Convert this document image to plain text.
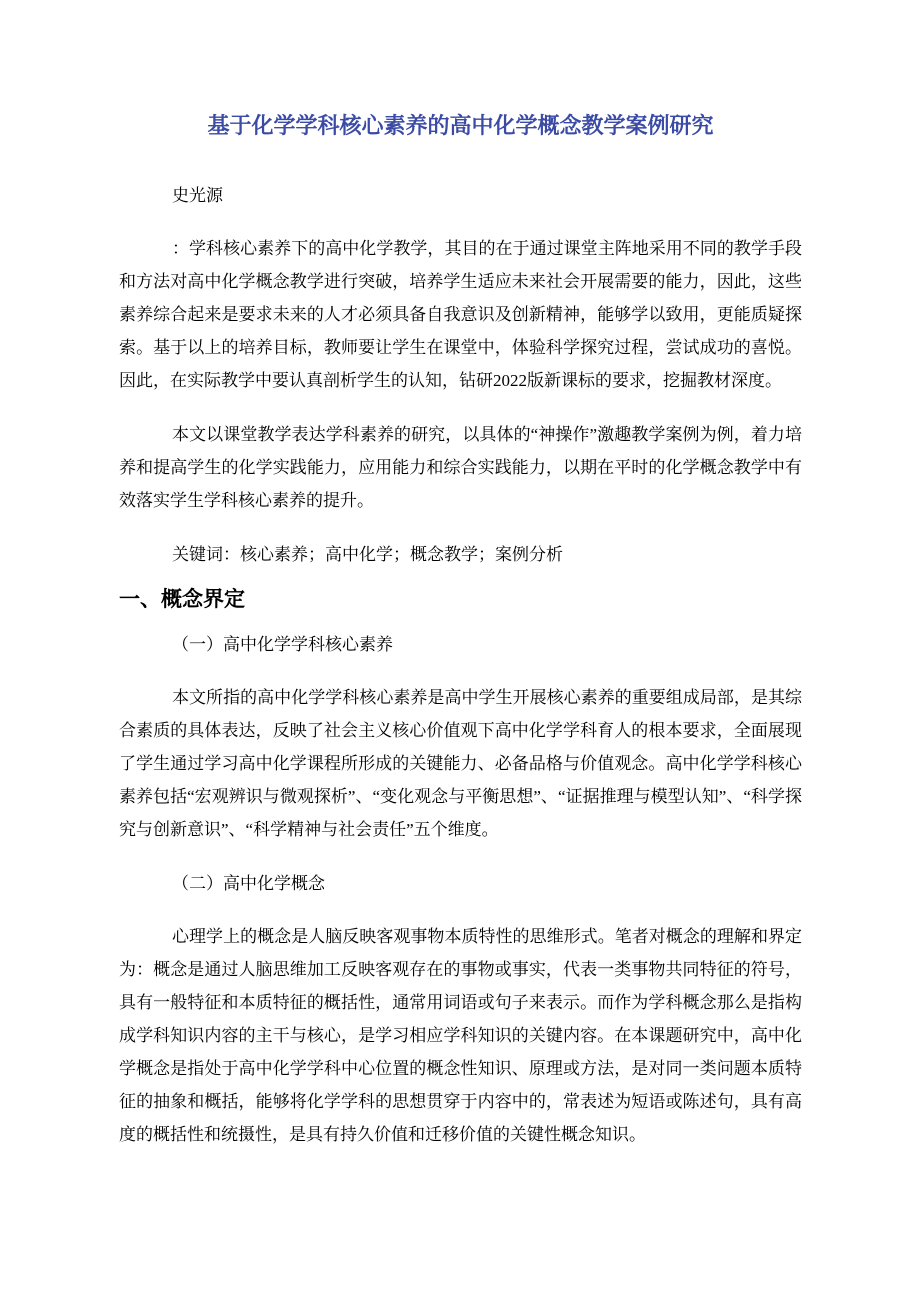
基于化学学科核心素养的高中化学概念教学案例研究

史光源

：学科核心素养下的高中化学教学，其目的在于通过课堂主阵地采用不同的教学手段和方法对高中化学概念教学进行突破，培养学生适应未来社会开展需要的能力，因此，这些素养综合起来是要求未来的人才必须具备自我意识及创新精神，能够学以致用，更能质疑探索。基于以上的培养目标，教师要让学生在课堂中，体验科学探究过程，尝试成功的喜悦。因此，在实际教学中要认真剖析学生的认知，钻研2022版新课标的要求，挖掘教材深度。

本文以课堂教学表达学科素养的研究，以具体的“神操作”激趣教学案例为例，着力培养和提高学生的化学实践能力，应用能力和综合实践能力，以期在平时的化学概念教学中有效落实学生学科核心素养的提升。

关键词：核心素养；高中化学；概念教学；案例分析

一、概念界定

（一）高中化学学科核心素养

本文所指的高中化学学科核心素养是高中学生开展核心素养的重要组成局部，是其综合素质的具体表达，反映了社会主义核心价值观下高中化学学科育人的根本要求，全面展现了学生通过学习高中化学课程所形成的关键能力、必备品格与价值观念。高中化学学科核心素养包括“宏观辨识与微观探析”、“变化观念与平衡思想”、“证据推理与模型认知”、“科学探究与创新意识”、“科学精神与社会责任”五个维度。

（二）高中化学概念

心理学上的概念是人脑反映客观事物本质特性的思维形式。笔者对概念的理解和界定为：概念是通过人脑思维加工反映客观存在的事物或事实，代表一类事物共同特征的符号，具有一般特征和本质特征的概括性，通常用词语或句子来表示。而作为学科概念那么是指构成学科知识内容的主干与核心，是学习相应学科知识的关键内容。在本课题研究中，高中化学概念是指处于高中化学学科中心位置的概念性知识、原理或方法，是对同一类问题本质特征的抽象和概括，能够将化学学科的思想贯穿于内容中的，常表述为短语或陈述句，具有高度的概括性和统摄性，是具有持久价值和迁移价值的关键性概念知识。
